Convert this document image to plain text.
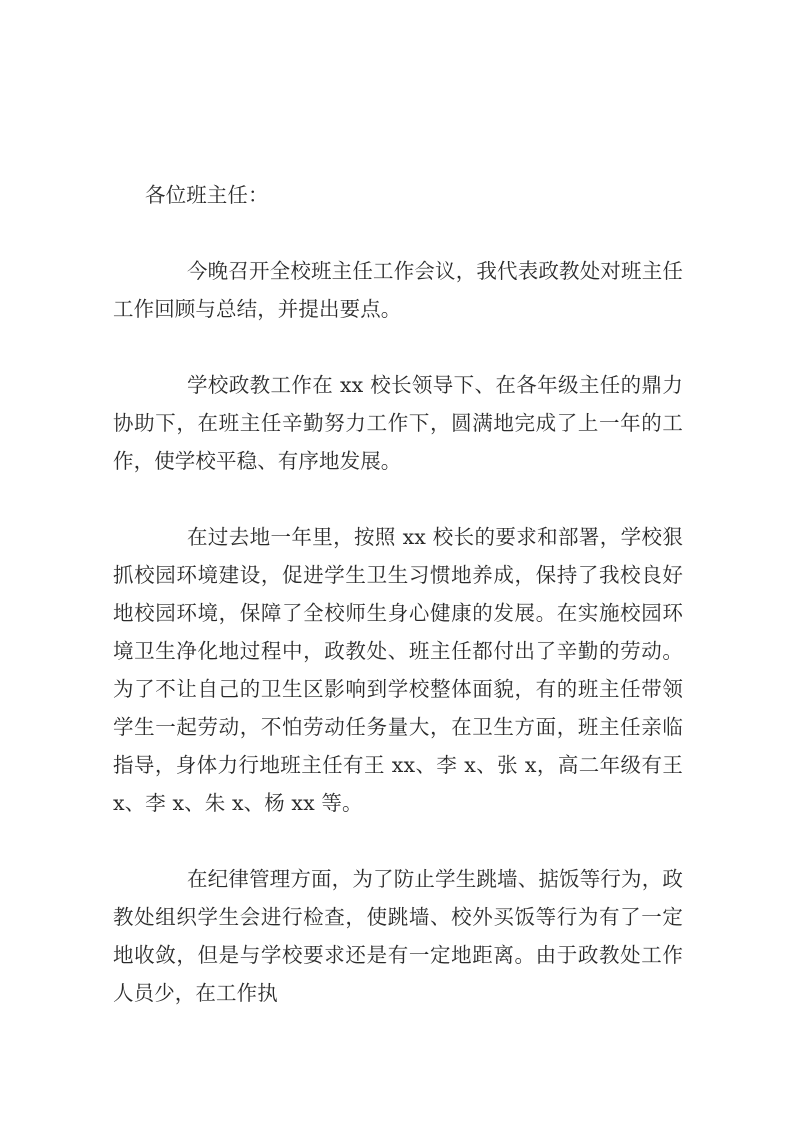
各位班主任：

今晚召开全校班主任工作会议，我代表政教处对班主任工作回顾与总结，并提出要点。

学校政教工作在 xx 校长领导下、在各年级主任的鼎力协助下，在班主任辛勤努力工作下，圆满地完成了上一年的工作，使学校平稳、有序地发展。

在过去地一年里，按照 xx 校长的要求和部署，学校狠抓校园环境建设，促进学生卫生习惯地养成，保持了我校良好地校园环境，保障了全校师生身心健康的发展。在实施校园环境卫生净化地过程中，政教处、班主任都付出了辛勤的劳动。为了不让自己的卫生区影响到学校整体面貌，有的班主任带领学生一起劳动，不怕劳动任务量大，在卫生方面，班主任亲临指导，身体力行地班主任有王 xx、李 x、张 x，高二年级有王 x、李 x、朱 x、杨 xx 等。

在纪律管理方面，为了防止学生跳墙、掂饭等行为，政教处组织学生会进行检查，使跳墙、校外买饭等行为有了一定地收敛，但是与学校要求还是有一定地距离。由于政教处工作人员少，在工作执
